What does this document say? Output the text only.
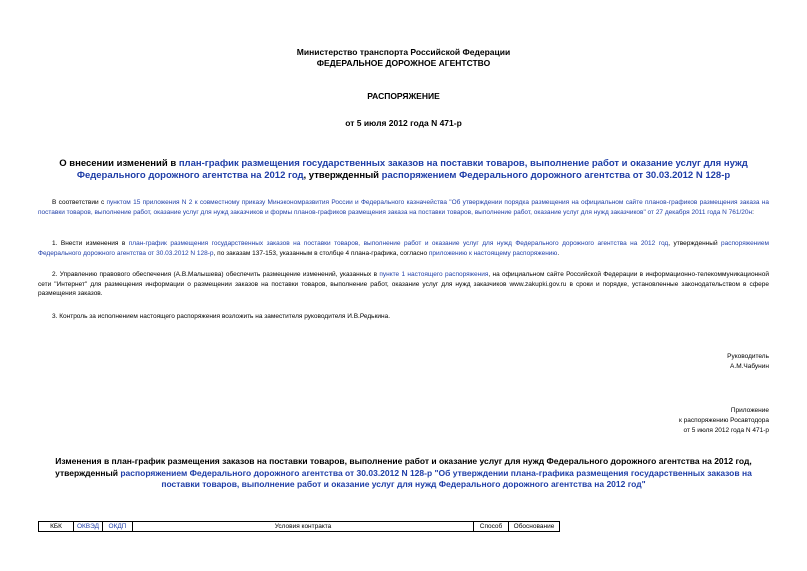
Министерство транспорта Российской Федерации
ФЕДЕРАЛЬНОЕ ДОРОЖНОЕ АГЕНТСТВО
РАСПОРЯЖЕНИЕ
от 5 июля 2012 года N 471-р
О внесении изменений в план-график размещения государственных заказов на поставки товаров, выполнение работ и оказание услуг для нужд Федерального дорожного агентства на 2012 год, утвержденный распоряжением Федерального дорожного агентства от 30.03.2012 N 128-р
В соответствии с пунктом 15 приложения N 2 к совместному приказу Минэкономразвития России и Федерального казначейства "Об утверждении порядка размещения на официальном сайте планов-графиков размещения заказа на поставки товаров, выполнение работ, оказание услуг для нужд заказчиков и формы планов-графиков размещения заказа на поставки товаров, выполнение работ, оказание услуг для нужд заказчиков" от 27 декабря 2011 года N 761/20н:
1. Внести изменения в план-график размещения государственных заказов на поставки товаров, выполнение работ и оказание услуг для нужд Федерального дорожного агентства на 2012 год, утвержденный распоряжением Федерального дорожного агентства от 30.03.2012 N 128-р, по заказам 137-153, указанным в столбце 4 плана-графика, согласно приложению к настоящему распоряжению.
2. Управлению правового обеспечения (А.В.Малышева) обеспечить размещение изменений, указанных в пункте 1 настоящего распоряжения, на официальном сайте Российской Федерации в информационно-телекоммуникационной сети "Интернет" для размещения информации о размещении заказов на поставки товаров, выполнение работ, оказание услуг для нужд заказчиков www.zakupki.gov.ru в сроки и порядке, установленные законодательством в сфере размещения заказов.
3. Контроль за исполнением настоящего распоряжения возложить на заместителя руководителя И.В.Редькина.
Руководитель
А.М.Чабунин
Приложение
к распоряжению Росавтодора
от 5 июля 2012 года N 471-р
Изменения в план-график размещения заказов на поставки товаров, выполнение работ и оказание услуг для нужд Федерального дорожного агентства на 2012 год, утвержденный распоряжением Федерального дорожного агентства от 30.03.2012 N 128-р "Об утверждении плана-графика размещения государственных заказов на поставки товаров, выполнение работ и оказание услуг для нужд Федерального дорожного агентства на 2012 год"
КБК	ОКВЭД	ОКДП	Условия контракта	Способ	Обоснование
